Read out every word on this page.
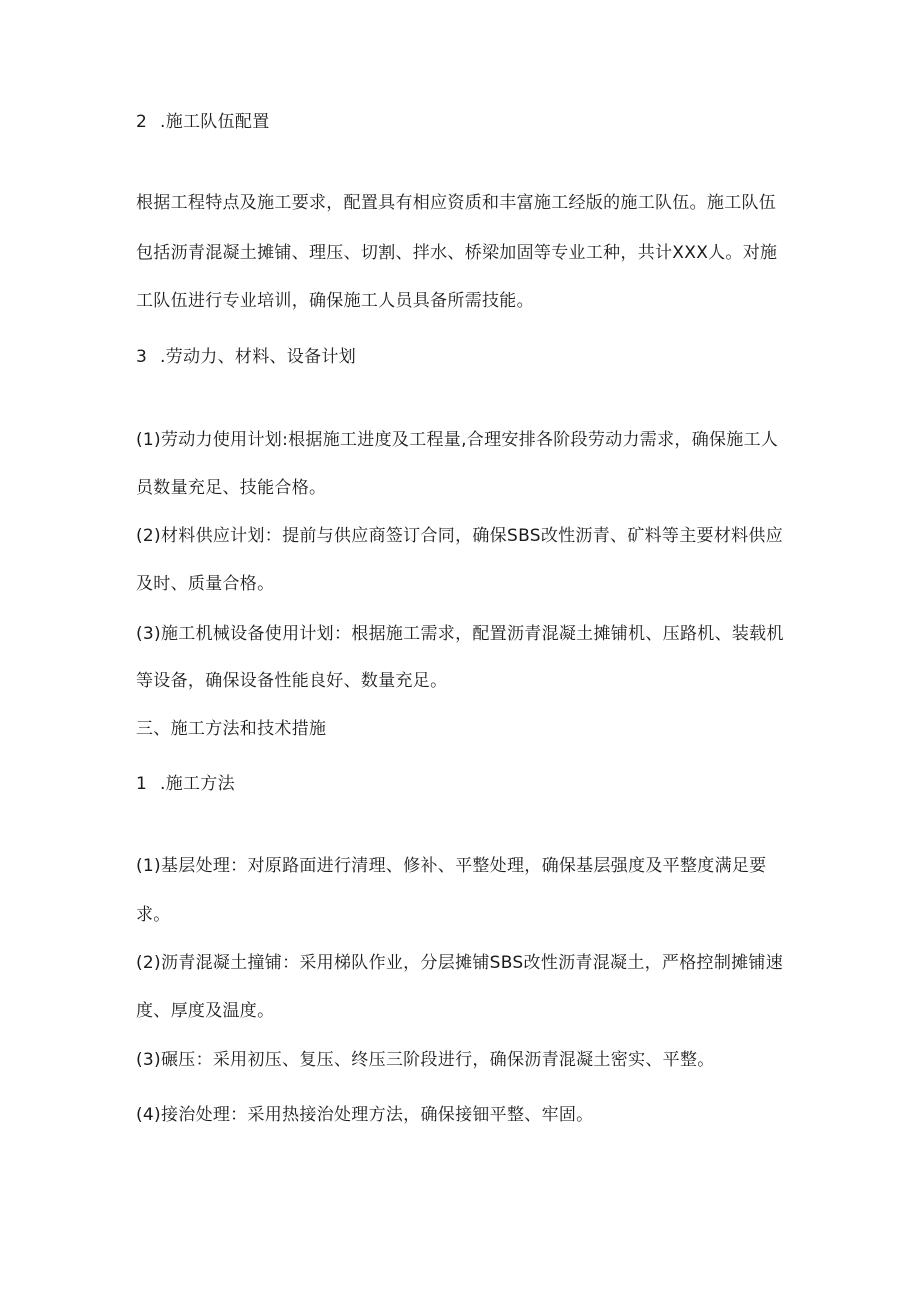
2 .施工队伍配置
根据工程特点及施工要求，配置具有相应资质和丰富施工经版的施工队伍。施工队伍
包括沥青混凝土摊铺、理压、切割、拌水、桥梁加固等专业工种，共计XXX人。对施
工队伍进行专业培训，确保施工人员具备所需技能。
3 .劳动力、材料、设备计划
(1)劳动力使用计划:根据施工进度及工程量,合理安排各阶段劳动力需求，确保施工人
员数量充足、技能合格。
(2)材料供应计划：提前与供应商签订合同，确保SBS改性沥青、矿料等主要材料供应
及时、质量合格。
(3)施工机械设备使用计划：根据施工需求，配置沥青混凝土摊铺机、压路机、装载机
等设备，确保设备性能良好、数量充足。
三、施工方法和技术措施
1 .施工方法
(1)基层处理：对原路面进行清理、修补、平整处理，确保基层强度及平整度满足要
求。
(2)沥青混凝土撞铺：采用梯队作业，分层摊铺SBS改性沥青混凝土，严格控制摊铺速
度、厚度及温度。
(3)碾压：采用初压、复压、终压三阶段进行，确保沥青混凝土密实、平整。
(4)接治处理：采用热接治处理方法，确保接钿平整、牢固。
